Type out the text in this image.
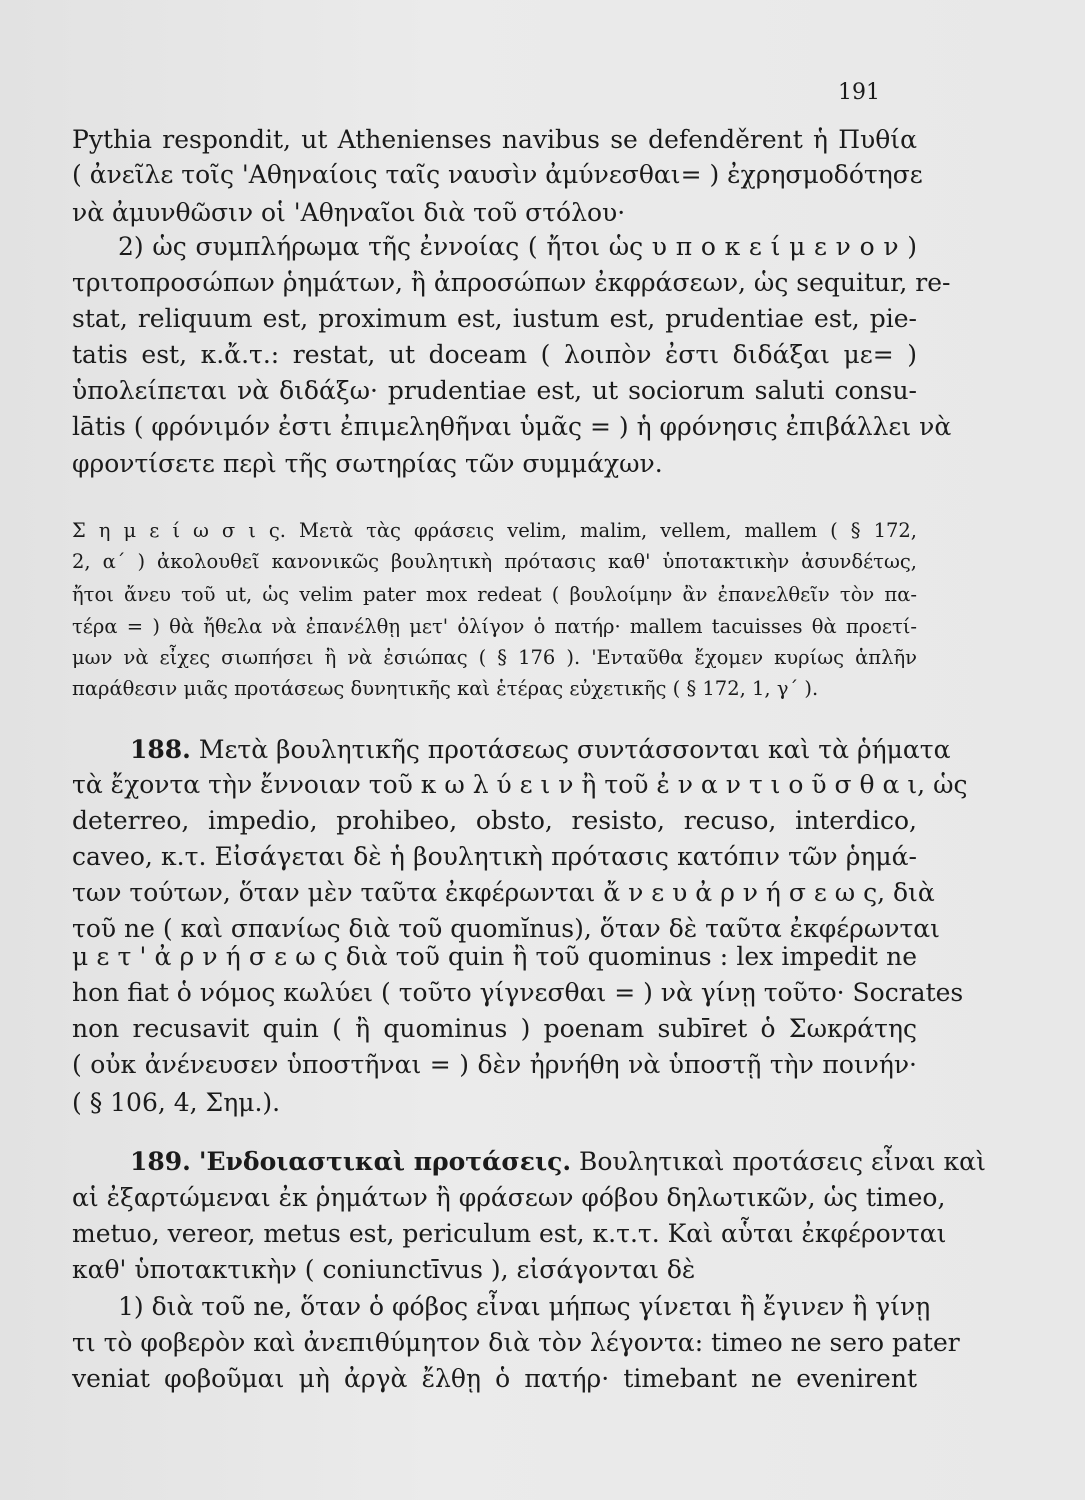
191
Pythia respondit, ut Athenienses navibus se defenděrent ἡ Πυθία
( ἀνεῖλε τοῖς 'Αθηναίοις ταῖς ναυσὶν ἀμύνεσθαι= ) ἐχρησμοδότησε
νὰ ἀμυνθῶσιν οἱ 'Αθηναῖοι διὰ τοῦ στόλου·
2) ὡς συμπλήρωμα τῆς ἐννοίας ( ἤτοι ὡς υ π ο κ ε ί μ ε ν ο ν )
τριτοπροσώπων ῥημάτων, ἢ ἀπροσώπων ἐκφράσεων, ὡς sequitur, re-
stat, reliquum est, proximum est, iustum est, prudentiae est, pie-
tatis est, κ.ἄ.τ.: restat, ut doceam ( λοιπὸν ἐστι διδάξαι με= )
ὑπολείπεται νὰ διδάξω· prudentiae est, ut sociorum saluti consu-
lātis ( φρόνιμόν ἐστι ἐπιμεληθῆναι ὑμᾶς = ) ἡ φρόνησις ἐπιβάλλει νὰ
φροντίσετε περὶ τῆς σωτηρίας τῶν συμμάχων.
Σ η μ ε ί ω σ ι ς. Μετὰ τὰς φράσεις velim, malim, vellem, mallem ( § 172,
2, α΄ ) ἀκολουθεῖ κανονικῶς βουλητικὴ πρότασις καθ' ὑποτακτικὴν ἀσυνδέτως,
ἤτοι ἄνευ τοῦ ut, ὡς velim pater mox redeat ( βουλοίμην ἂν ἐπανελθεῖν τὸν πα-
τέρα = ) θὰ ἤθελα νὰ ἐπανέλθῃ μετ' ὀλίγον ὁ πατήρ· mallem tacuisses θὰ προετί-
μων νὰ εἶχες σιωπήσει ἢ νὰ ἐσιώπας ( § 176 ). 'Ενταῦθα ἔχομεν κυρίως ἁπλῆν
παράθεσιν μιᾶς προτάσεως δυνητικῆς καὶ ἑτέρας εὐχετικῆς ( § 172, 1, γ΄ ).
188. Μετὰ βουλητικῆς προτάσεως συντάσσονται καὶ τὰ ῥήματα
τὰ ἔχοντα τὴν ἔννοιαν τοῦ κ ω λ ύ ε ι ν ἢ τοῦ ἐ ν α ν τ ι ο ῦ σ θ α ι, ὡς
deterreo, impedio, prohibeo, obsto, resisto, recuso, interdico,
caveo, κ.τ. Εἰσάγεται δὲ ἡ βουλητικὴ πρότασις κατόπιν τῶν ῥημά-
των τούτων, ὅταν μὲν ταῦτα ἐκφέρωνται ἄ ν ε υ ἀ ρ ν ή σ ε ω ς, διὰ
τοῦ ne ( καὶ σπανίως διὰ τοῦ quomĭnus), ὅταν δὲ ταῦτα ἐκφέρωνται
μ ε τ ' ἀ ρ ν ή σ ε ω ς διὰ τοῦ quin ἢ τοῦ quominus : lex impedit ne
hon fiat ὁ νόμος κωλύει ( τοῦτο γίγνεσθαι = ) νὰ γίνῃ τοῦτο· Socrates
non recusavit quin ( ἢ quominus ) poenam subīret ὁ Σωκράτης
( οὐκ ἀνένευσεν ὑποστῆναι = ) δὲν ἠρνήθη νὰ ὑποστῇ τὴν ποινήν·
( § 106, 4, Σημ.).
189. 'Ενδοιαστικαὶ προτάσεις. Βουλητικαὶ προτάσεις εἶναι καὶ
αἱ ἐξαρτώμεναι ἐκ ῥημάτων ἢ φράσεων φόβου δηλωτικῶν, ὡς timeo,
metuo, vereor, metus est, periculum est, κ.τ.τ. Καὶ αὗται ἐκφέρονται
καθ' ὑποτακτικὴν ( coniunctīvus ), εἰσάγονται δὲ
1) διὰ τοῦ ne, ὅταν ὁ φόβος εἶναι μήπως γίνεται ἢ ἔγινεν ἢ γίνῃ
τι τὸ φοβερὸν καὶ ἀνεπιθύμητον διὰ τὸν λέγοντα: timeo ne sero pater
veniat φοβοῦμαι μὴ ἀργὰ ἔλθῃ ὁ πατήρ· timebant ne evenirent
